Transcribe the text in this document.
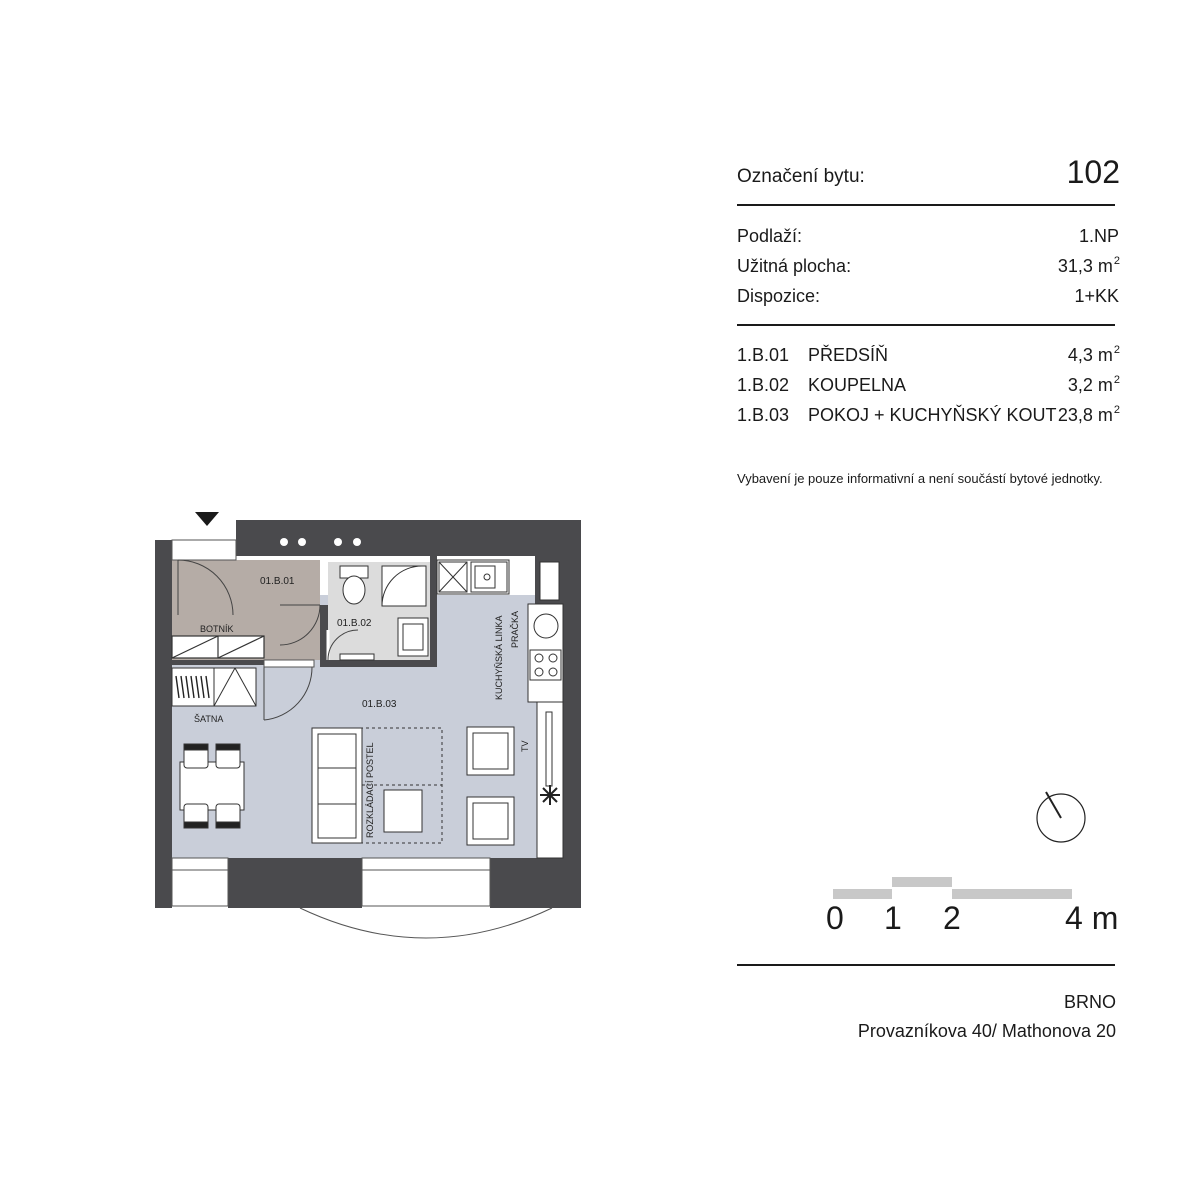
Označení bytu:	102
Podlaží:	1.NP
Užitná plocha:	31,3 $m^2$
Dispozice:	1+KK
1.B.01 PŘEDSÍŇ	4,3 $m^2$
1.B.02 KOUPELNA	3,2 $m^2$
1.B.03 POKOJ + KUCHYŇSKÝ KOUT 23,8 $m^2$
Vybavení je pouze informativní a není součástí bytové jednotky.
01.B.01
01.B.02
01.B.03
BOTNÍK
ŠATNA
KUCHYŇSKÁ LINKA PRAČKA
ROZKLÁDACÍ POSTEL	TV
0 1 2	4 m
BRNO
Provazníkova 40/ Mathonova 20
